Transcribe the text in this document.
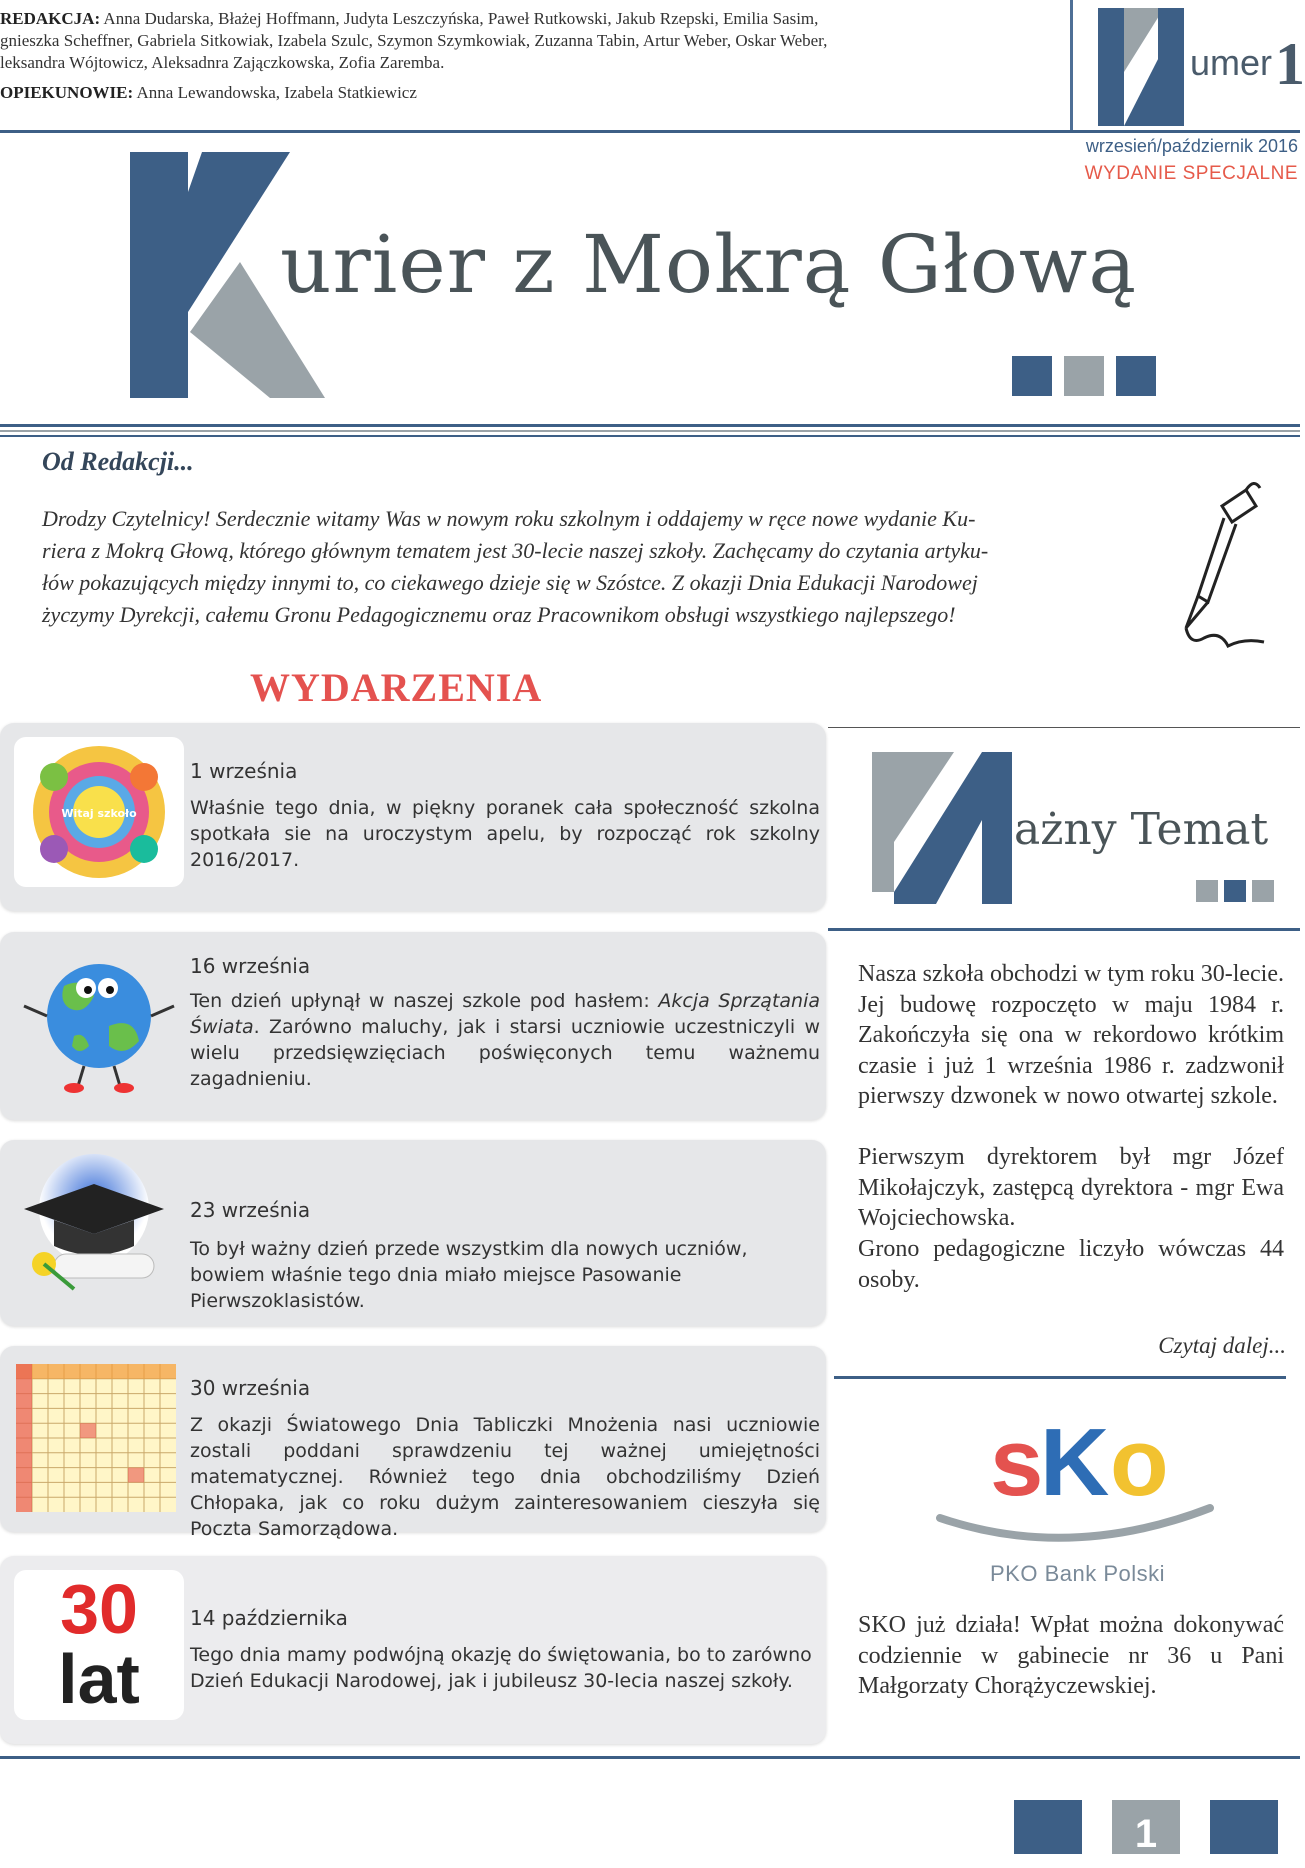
REDAKCJA: Anna Dudarska, Błażej Hoffmann, Judyta Leszczyńska, Paweł Rutkowski, Jakub Rzepski, Emilia Sasim,

gnieszka Scheffner, Gabriela Sitkowiak, Izabela Szulc, Szymon Szymkowiak, Zuzanna Tabin, Artur Weber, Oskar Weber,

leksandra Wójtowicz, Aleksadnra Zajączkowska, Zofia Zaremba.

OPIEKUNOWIE: Anna Lewandowska, Izabela Statkiewicz

umer 1
wrzesień/październik 2016
WYDANIE SPECJALNE
urier z Mokrą Głową
Od Redakcji...
Drodzy Czytelnicy! Serdecznie witamy Was w nowym roku szkolnym i oddajemy w ręce nowe wydanie Ku-
riera z Mokrą Głową, którego głównym tematem jest 30-lecie naszej szkoły. Zachęcamy do czytania artyku-
łów pokazujących między innymi to, co ciekawego dzieje się w Szóstce. Z okazji Dnia Edukacji Narodowej
życzymy Dyrekcji, całemu Gronu Pedagogicznemu oraz Pracownikom obsługi wszystkiego najlepszego!
WYDARZENIA
Witaj szkoło
1 września
Właśnie tego dnia, w piękny poranek cała społeczność szkolna spotkała sie na uroczystym apelu, by rozpocząć rok szkolny 2016/2017.
16 września
Ten dzień upłynął w naszej szkole pod hasłem: Akcja Sprzątania Świata. Zarówno maluchy, jak i starsi uczniowie uczestniczyli w wielu przedsięwzięciach poświęconych temu ważnemu zagadnieniu.
23 września
To był ważny dzień przede wszystkim dla nowych uczniów, bowiem właśnie tego dnia miało miejsce Pasowanie Pierwszoklasistów.
30 września
Z okazji Światowego Dnia Tabliczki Mnożenia nasi uczniowie zostali poddani sprawdzeniu tej ważnej umiejętności matematycznej. Również tego dnia obchodziliśmy Dzień Chłopaka, jak co roku dużym zainteresowaniem cieszyła się Poczta Samorządowa.
30
lat
14 października
Tego dnia mamy podwójną okazję do świętowania, bo to zarówno Dzień Edukacji Narodowej, jak i jubileusz 30-lecia naszej szkoły.
ażny Temat
Nasza szkoła obchodzi w tym roku 30-lecie. Jej budowę rozpoczęto w maju 1984 r. Zakończyła się ona w rekordowo krótkim czasie i już 1 września 1986 r. zadzwonił pierwszy dzwonek w nowo otwartej szkole.
Pierwszym dyrektorem był mgr Józef Mikołajczyk, zastępcą dyrektora - mgr Ewa Wojciechowska.
Grono pedagogiczne liczyło wówczas 44 osoby.
Czytaj dalej...
s
K o
PKO Bank Polski
SKO już działa! Wpłat można dokonywać codziennie w gabinecie nr 36 u Pani Małgorzaty Chorążyczewskiej.
1
